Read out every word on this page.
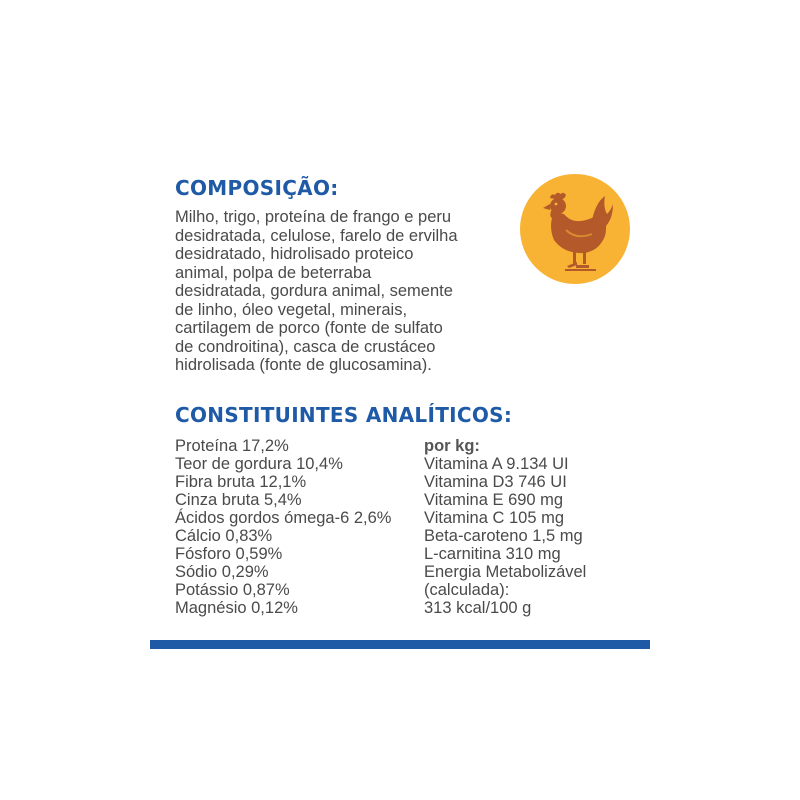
COMPOSIÇÃO:

Milho, trigo, proteína de frango e peru
desidratada, celulose, farelo de ervilha
desidratado, hidrolisado proteico
animal, polpa de beterraba
desidratada, gordura animal, semente
de linho, óleo vegetal, minerais,
cartilagem de porco (fonte de sulfato
de condroitina), casca de crustáceo
hidrolisada (fonte de glucosamina).

CONSTITUINTES ANALÍTICOS:
Proteína 17,2%
Teor de gordura 10,4%
Fibra bruta 12,1%
Cinza bruta 5,4%
Ácidos gordos ómega-6 2,6%
Cálcio 0,83%
Fósforo 0,59%
Sódio 0,29%
Potássio 0,87%
Magnésio 0,12%
por kg:
Vitamina A 9.134 UI
Vitamina D3 746 UI
Vitamina E 690 mg
Vitamina C 105 mg
Beta-caroteno 1,5 mg
L-carnitina 310 mg
Energia Metabolizável
(calculada):
313 kcal/100 g
